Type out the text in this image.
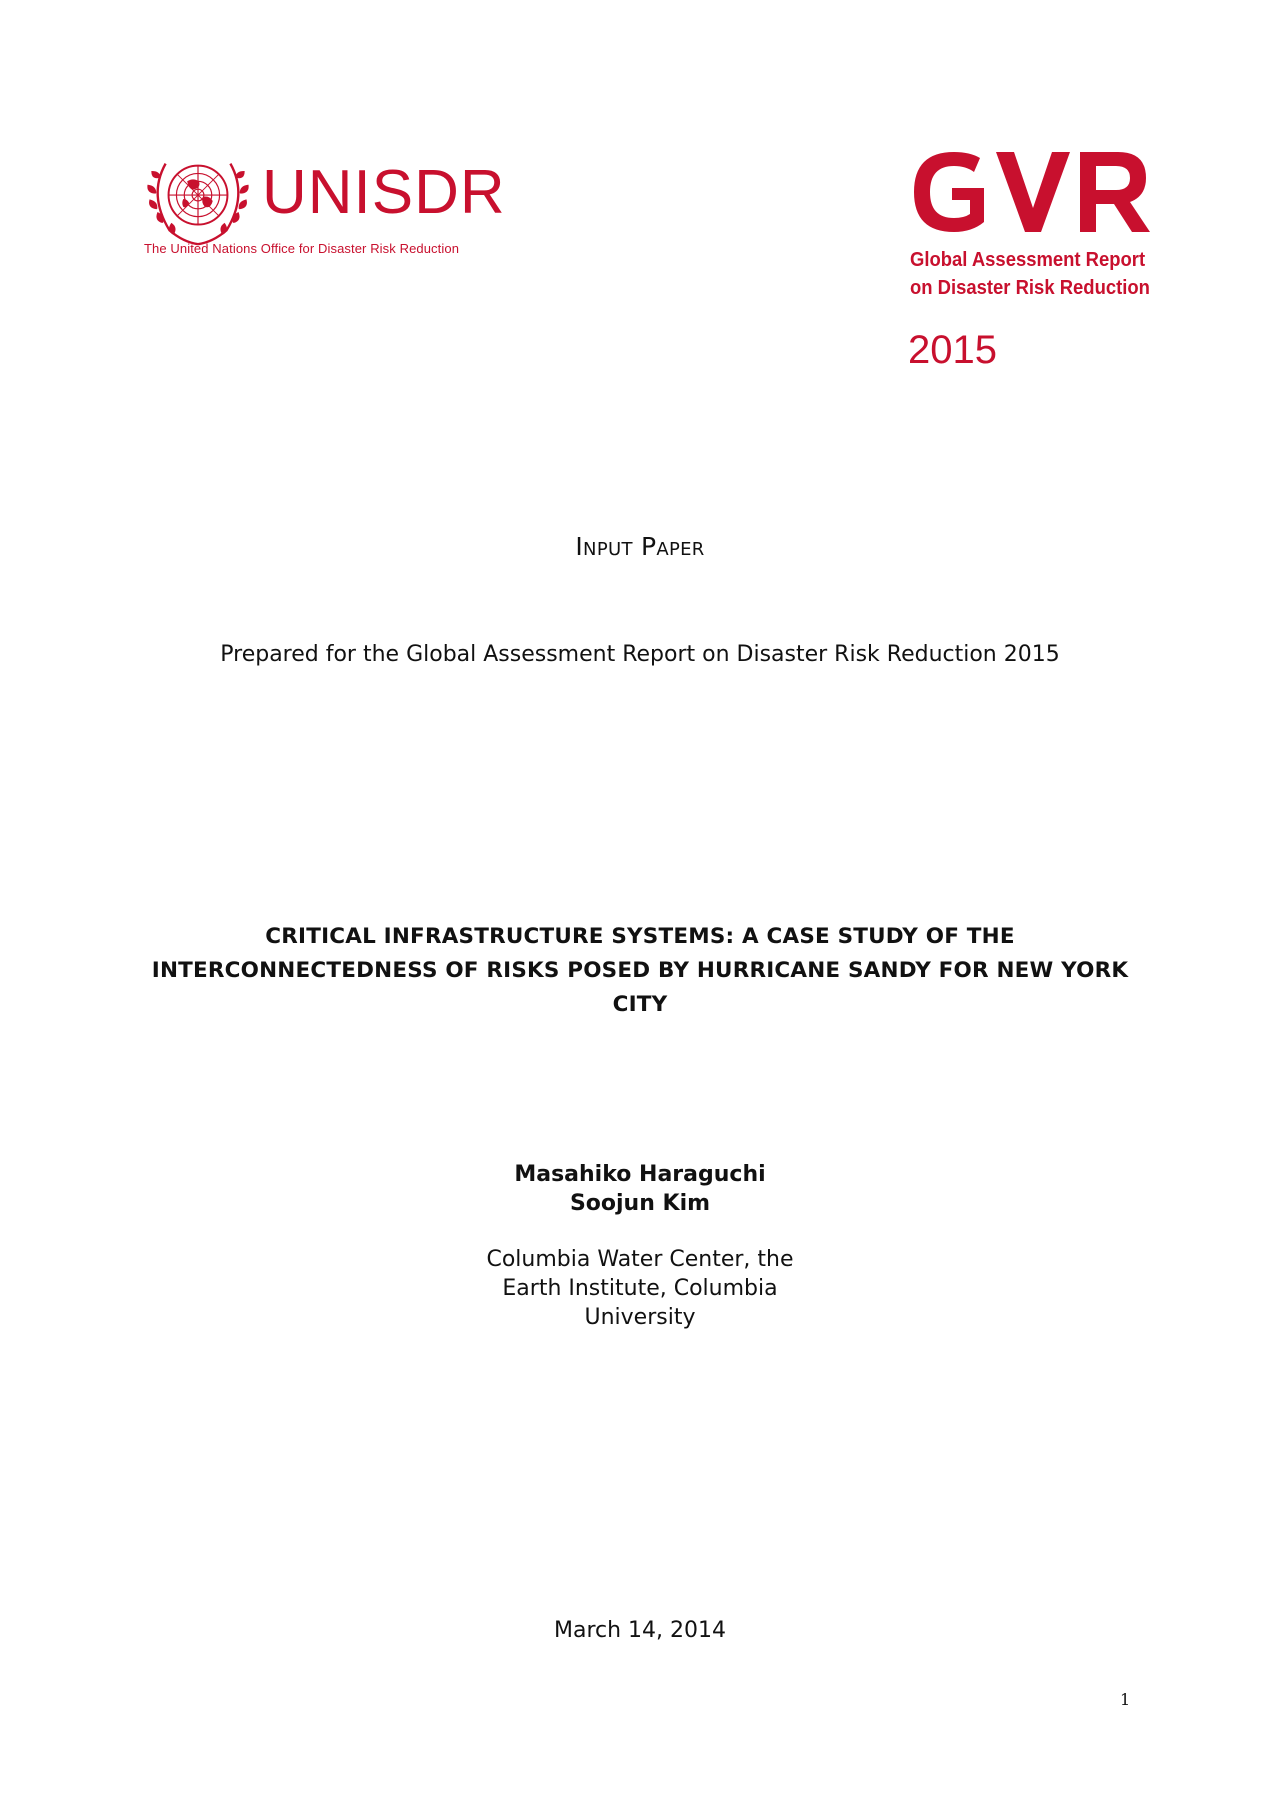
UNISDR
The United Nations Office for Disaster Risk Reduction	Global Assessment Report
on Disaster Risk Reduction
2015
Input Paper
Prepared for the Global Assessment Report on Disaster Risk Reduction 2015
CRITICAL INFRASTRUCTURE SYSTEMS: A CASE STUDY OF THE
INTERCONNECTEDNESS OF RISKS POSED BY HURRICANE SANDY FOR NEW YORK
CITY
Masahiko Haraguchi
Soojun Kim
Columbia Water Center, the
Earth Institute, Columbia
University
March 14, 2014
1
